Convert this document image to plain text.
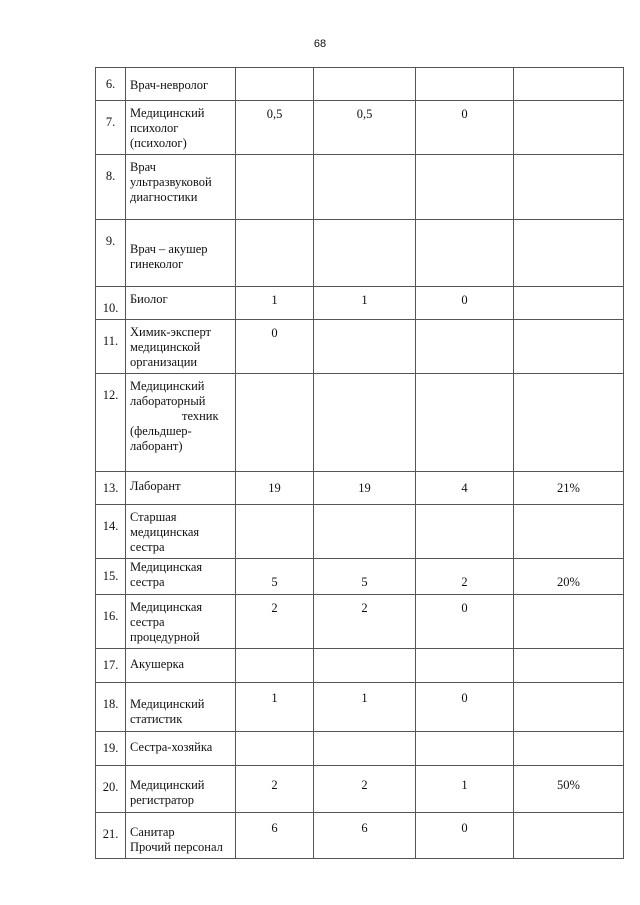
68
6.	Врач-невролог				

7.	Медицинский
психолог
(психолог)	0,5	0,5	0	
8.	Врач
ультразвуковой
диагностики				

9.	Врач – акушер
гинеколог				

10.	Биолог	1	1	0	
11.	Химик-эксперт
медицинской
организации	0			
12.	Медицинский
лабораторный
техник
(фельдшер-
лаборант)				

13.	Лаборант	19	19	4	21%
14.	Старшая
медицинская
сестра				

15.	Медицинская
сестра	5	5	2	20%
16.	Медицинская
сестра
процедурной	2	2	0	
17.	Акушерка				

18.	Медицинский
статистик	1	1	0	
19.	Сестра-хозяйка				

20.	Медицинский
регистратор	2	2	1	50%
21.	Санитар
Прочий персонал	6	6	0	
